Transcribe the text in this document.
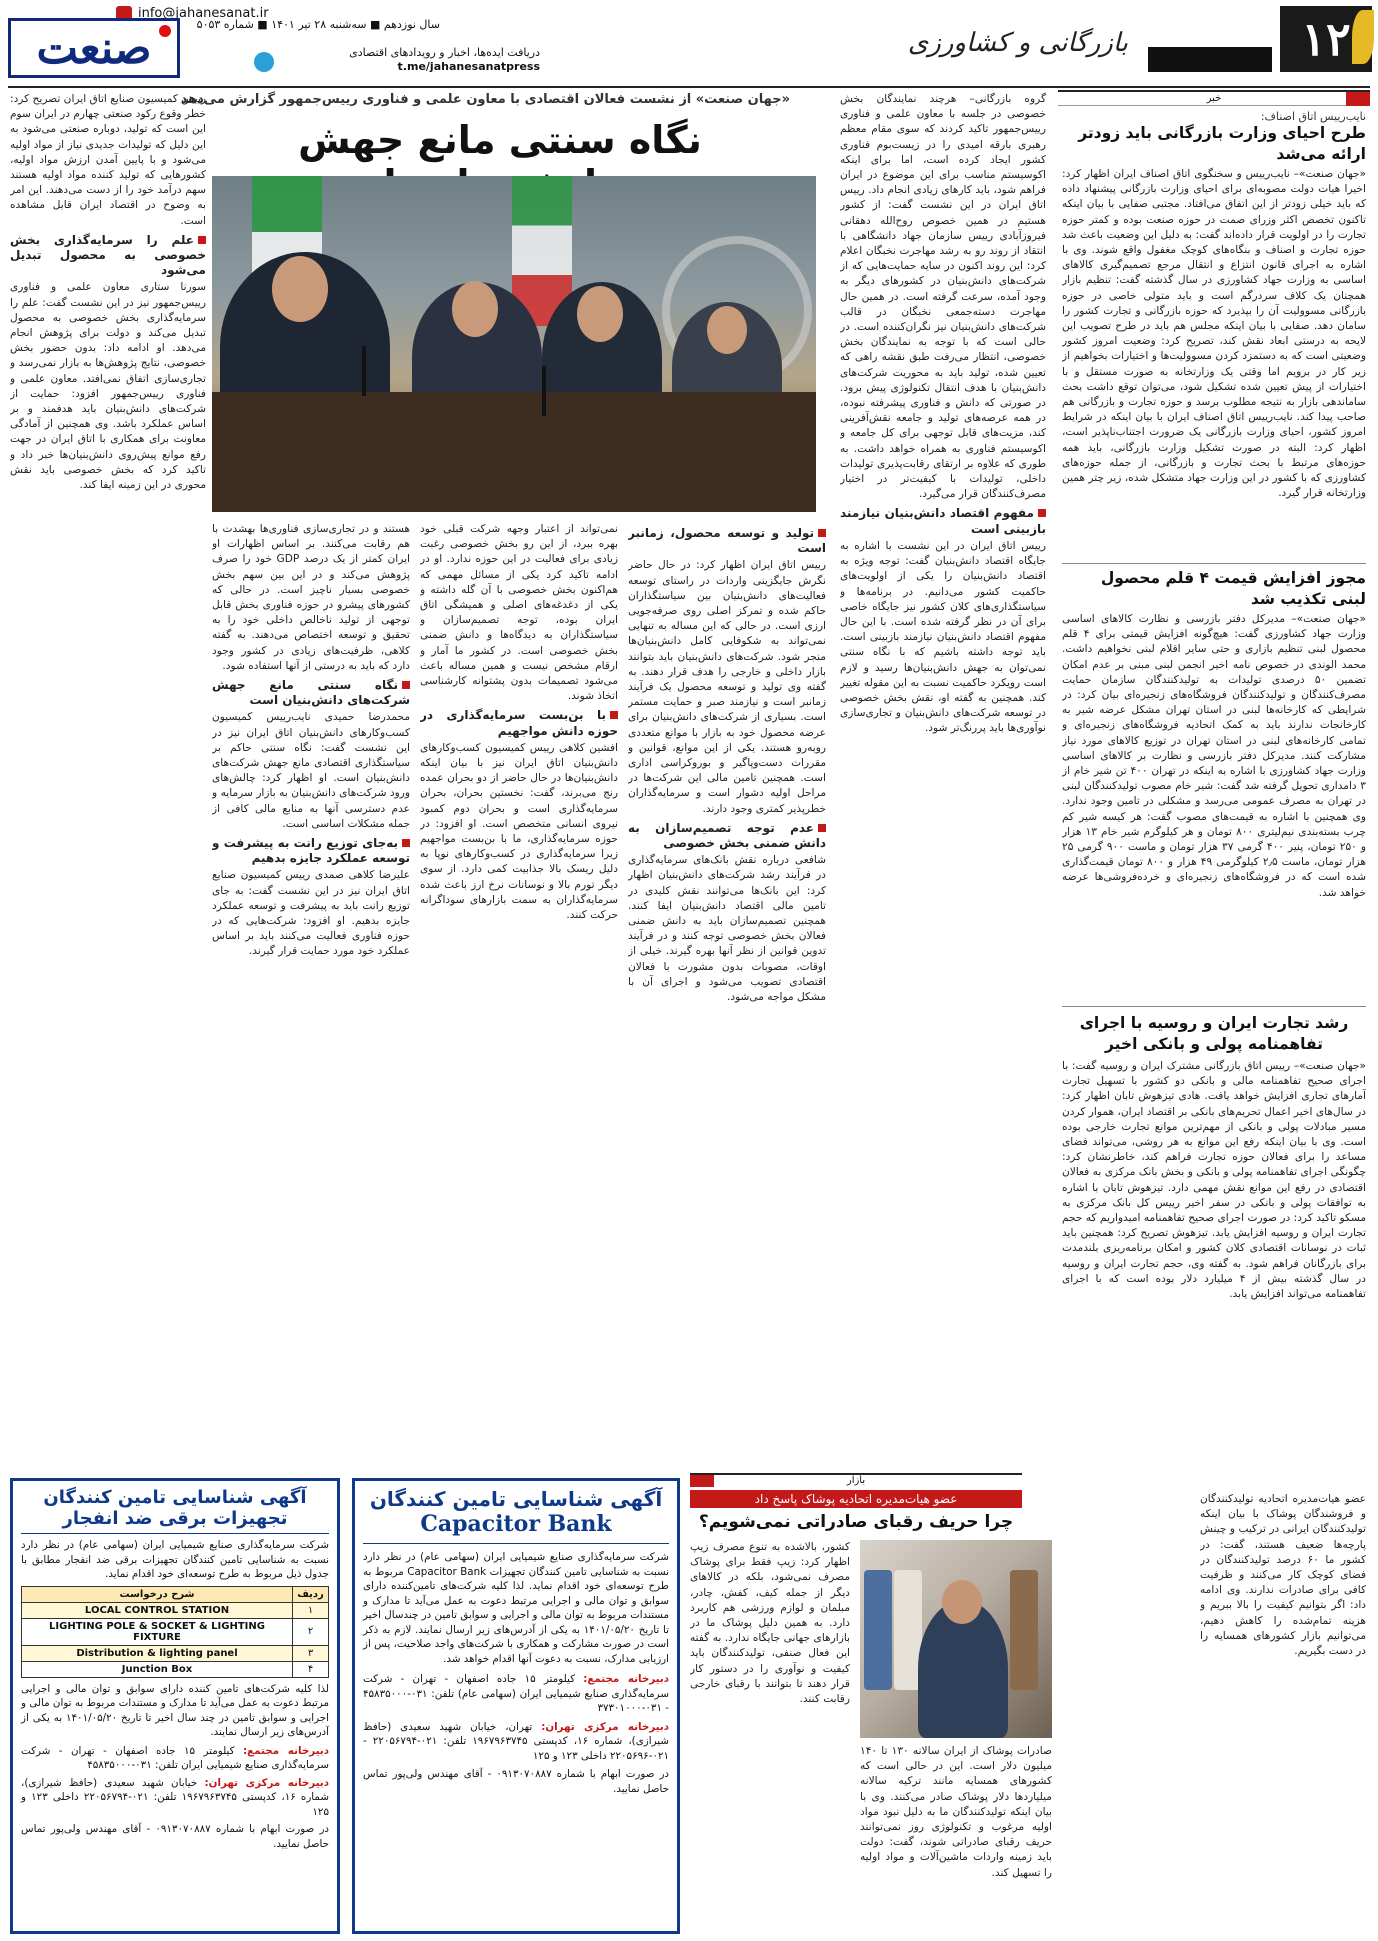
۱۲
بازرگانی و کشاورزی
info@jahanesanat.ir
دریافت ایده‌ها، اخبار و رویدادهای اقتصادی
t.me/jahanesanatpress
سال نوزدهم ■ سه‌شنبه ۲۸ تیر ۱۴۰۱ ■ شماره ۵۰۵۳
صنعت
خبر
نایب‌رییس اتاق اصناف:
طرح احیای وزارت بازرگانی باید زودتر ارائه می‌شد
«جهان صنعت»– نایب‌رییس و سخنگوی اتاق اصناف ایران اظهار کرد: اخیرا هیات دولت مصوبه‌ای برای احیای وزارت بازرگانی پیشنهاد داده که باید خیلی زودتر از این اتفاق می‌افتاد. مجتبی صفایی با بیان اینکه تاکنون تخصص اکثر وزرای صمت در حوزه صنعت بوده و کمتر حوزه تجارت را در اولویت قرار داده‌اند گفت: به دلیل این وضعیت باعث شد حوزه تجارت و اصناف و بنگاه‌های کوچک مغفول واقع شوند. وی با اشاره به اجرای قانون انتزاع و انتقال مرجع تصمیم‌گیری کالاهای اساسی به وزارت جهاد کشاورزی در سال گذشته گفت: تنظیم بازار همچنان یک کلاف سردرگم است و باید متولی خاصی در حوزه بازرگانی مسوولیت آن را بپذیرد که حوزه بازرگانی و تجارت کشور را سامان دهد. صفایی با بیان اینکه مجلس هم باید در طرح تصویب این لایحه به درستی ابعاد نقش کند، تصریح کرد: وضعیت امروز کشور وضعیتی است که به دستمزد کردن مسوولیت‌ها و اختیارات بخواهیم از زیر کار در برویم اما وقتی یک وزارتخانه به صورت مستقل و با اختیارات از پیش تعیین شده تشکیل شود، می‌توان توقع داشت بحث ساماندهی بازار به نتیجه مطلوب برسد و حوزه تجارت و بازرگانی هم صاحب پیدا کند. نایب‌رییس اتاق اصناف ایران با بیان اینکه در شرایط امروز کشور، احیای وزارت بازرگانی یک ضرورت اجتناب‌ناپذیر است، اظهار کرد: البته در صورت تشکیل وزارت بازرگانی، باید همه حوزه‌های مرتبط با بحث تجارت و بازرگانی، از جمله حوزه‌های کشاورزی که با کشور در این وزارت جهاد متشکل شده، زیر چتر همین وزارتخانه قرار گیرد.
مجوز افزایش قیمت ۴ قلم محصول لبنی تکذیب شد
«جهان صنعت»– مدیرکل دفتر بازرسی و نظارت کالاهای اساسی وزارت جهاد کشاورزی گفت: هیچ‌گونه افزایش قیمتی برای ۴ قلم محصول لبنی تنظیم بازاری و حتی سایر اقلام لبنی نخواهیم داشت. محمد الوندی در خصوص نامه اخیر انجمن لبنی مبنی بر عدم امکان تضمین ۵۰ درصدی تولیدات به تولیدکنندگان سازمان حمایت مصرف‌کنندگان و تولیدکنندگان فروشگاه‌های زنجیره‌ای بیان کرد: در شرایطی که کارخانه‌ها لبنی در استان تهران مشکل عرضه شیر به کارخانجات ندارند باید به کمک اتحادیه فروشگاه‌های زنجیره‌ای و تمامی کارخانه‌های لبنی در استان تهران در توزیع کالاهای مورد نیاز مشارکت کنند. مدیرکل دفتر بازرسی و نظارت بر کالاهای اساسی وزارت جهاد کشاورزی با اشاره به اینکه در تهران ۴۰۰ تن شیر خام از ۳ دامداری تحویل گرفته شد گفت: شیر خام مصوب تولیدکنندگان لبنی در تهران به مصرف عمومی می‌رسد و مشکلی در تامین وجود ندارد. وی همچنین با اشاره به قیمت‌های مصوب گفت: هر کیسه شیر کم چرب بسته‌بندی نیم‌لیتری ۸۰۰ تومان و هر کیلوگرم شیر خام ۱۳ هزار و ۲۵۰ تومان، پنیر ۴۰۰ گرمی ۳۷ هزار تومان و ماست ۹۰۰ گرمی ۲۵ هزار تومان، ماست ۲٫۵ کیلوگرمی ۴۹ هزار و ۸۰۰ تومان قیمت‌گذاری شده است که در فروشگاه‌های زنجیره‌ای و خرده‌فروشی‌ها عرضه خواهد شد.
رشد تجارت ایران و روسیه با اجرای تفاهمنامه پولی و بانکی اخیر
«جهان صنعت»– رییس اتاق بازرگانی مشترک ایران و روسیه گفت: با اجرای صحیح تفاهمنامه مالی و بانکی دو کشور با تسهیل تجارت آمارهای تجاری افزایش خواهد یافت. هادی تیزهوش تابان اظهار کرد: در سال‌های اخیر اعمال تحریم‌های بانکی بر اقتصاد ایران، هموار کردن مسیر مبادلات پولی و بانکی از مهم‌ترین موانع تجارت خارجی بوده است. وی با بیان اینکه رفع این موانع به هر روشی، می‌تواند فضای مساعد را برای فعالان حوزه تجارت فراهم کند، خاطرنشان کرد: چگونگی اجرای تفاهمنامه پولی و بانکی و بخش بانک مرکزی به فعالان اقتصادی در رفع این موانع نقش مهمی دارد. تیزهوش تابان با اشاره به توافقات پولی و بانکی در سفر اخیر رییس کل بانک مرکزی به مسکو تاکید کرد: در صورت اجرای صحیح تفاهمنامه امیدواریم که حجم تجارت ایران و روسیه افزایش یابد. تیزهوش تصریح کرد: همچنین باید ثبات در نوسانات اقتصادی کلان کشور و امکان برنامه‌ریزی بلندمدت برای بازرگانان فراهم شود. به گفته وی، حجم تجارت ایران و روسیه در سال گذشته بیش از ۴ میلیارد دلار بوده است که با اجرای تفاهمنامه می‌تواند افزایش یابد.
«جهان صنعت» از نشست فعالان اقتصادی با معاون علمی و فناوری رییس‌جمهور گزارش می‌دهد
نگاه سنتی مانع جهش

گروه بازرگانی– هرچند نمایندگان بخش خصوصی در جلسه با معاون علمی و فناوری رییس‌جمهور تاکید کردند که سوی مقام معظم رهبری بارقه امیدی را در زیست‌بوم فناوری کشور ایجاد کرده است، اما برای اینکه اکوسیستم مناسب برای این موضوع در ایران فراهم شود، باید کارهای زیادی انجام داد. رییس اتاق ایران در این نشست گفت: از کشور هستیم در همین خصوص روح‌الله دهقانی فیروزآبادی رییس سازمان جهاد دانشگاهی با انتقاد از روند رو به رشد مهاجرت نخبگان اعلام کرد: این روند اکنون در سایه حمایت‌هایی که از شرکت‌های دانش‌بنیان در کشورهای دیگر به وجود آمده، سرعت گرفته است. در همین حال مهاجرت دسته‌جمعی نخبگان در قالب شرکت‌های دانش‌بنیان نیز نگران‌کننده است. در حالی است که با توجه به نمایندگان بخش خصوصی، انتظار می‌رفت طبق نقشه راهی که تعیین شده، تولید باید به محوریت شرکت‌های دانش‌بنیان با هدف انتقال تکنولوژی پیش برود. در صورتی که دانش و فناوری پیشرفته نبوده، در همه عرصه‌های تولید و جامعه نقش‌آفرینی کند، مزیت‌های قابل توجهی برای کل جامعه و اکوسیستم فناوری به همراه خواهد داشت. به طوری که علاوه بر ارتقای رقابت‌پذیری تولیدات داخلی، تولیدات با کیفیت‌تر در اختیار مصرف‌کنندگان قرار می‌گیرد.

مفهوم اقتصاد دانش‌بنیان نیازمند بازبینی است

رییس اتاق ایران در این نشست با اشاره به جایگاه اقتصاد دانش‌بنیان گفت: توجه ویژه به اقتصاد دانش‌بنیان را یکی از اولویت‌های حاکمیت کشور می‌دانیم. در برنامه‌ها و سیاستگذاری‌های کلان کشور نیز جایگاه خاصی برای آن در نظر گرفته شده است. با این حال مفهوم اقتصاد دانش‌بنیان نیازمند بازبینی است. باید توجه داشته باشیم که با نگاه سنتی نمی‌توان به جهش دانش‌بنیان‌ها رسید و لازم است رویکرد حاکمیت نسبت به این مقوله تغییر کند. همچنین به گفته او، نقش بخش خصوصی در توسعه شرکت‌های دانش‌بنیان و تجاری‌سازی نوآوری‌ها باید پررنگ‌تر شود.

تولید و توسعه محصول، زمانبر است

رییس اتاق ایران اظهار کرد: در حال حاضر نگرش جایگزینی واردات در راستای توسعه فعالیت‌های دانش‌بنیان بین سیاستگذاران حاکم شده و تمرکز اصلی روی صرفه‌جویی ارزی است. در حالی که این مساله به تنهایی نمی‌تواند به شکوفایی کامل دانش‌بنیان‌ها منجر شود. شرکت‌های دانش‌بنیان باید بتوانند بازار داخلی و خارجی را هدف قرار دهند. به گفته وی تولید و توسعه محصول یک فرآیند زمانبر است و نیازمند صبر و حمایت مستمر است. بسیاری از شرکت‌های دانش‌بنیان برای عرضه محصول خود به بازار با موانع متعددی روبه‌رو هستند. یکی از این موانع، قوانین و مقررات دست‌وپاگیر و بوروکراسی اداری است. همچنین تامین مالی این شرکت‌ها در مراحل اولیه دشوار است و سرمایه‌گذاران خطرپذیر کمتری وجود دارند.

عدم توجه تصمیم‌سازان به دانش ضمنی بخش خصوصی

شافعی درباره نقش بانک‌های سرمایه‌گذاری در فرآیند رشد شرکت‌های دانش‌بنیان اظهار کرد: این بانک‌ها می‌توانند نقش کلیدی در تامین مالی اقتصاد دانش‌بنیان ایفا کنند. همچنین تصمیم‌سازان باید به دانش ضمنی فعالان بخش خصوصی توجه کنند و در فرآیند تدوین قوانین از نظر آنها بهره گیرند. خیلی از اوقات، مصوبات بدون مشورت با فعالان اقتصادی تصویب می‌شود و اجرای آن با مشکل مواجه می‌شود.

نمی‌تواند از اعتبار وجهه شرکت قبلی خود بهره ببرد، از این رو بخش خصوصی رغبت زیادی برای فعالیت در این حوزه ندارد. او در ادامه تاکید کرد یکی از مسائل مهمی که هم‌اکنون بخش خصوصی با آن گله داشته و یکی از دغدغه‌های اصلی و همیشگی اتاق ایران بوده، توجه تصمیم‌سازان و سیاستگذاران به دیدگاه‌ها و دانش ضمنی بخش خصوصی است. در کشور ما آمار و ارقام مشخص نیست و همین مساله باعث می‌شود تصمیمات بدون پشتوانه کارشناسی اتخاذ شوند.

با بن‌بست سرمایه‌گذاری در حوزه دانش مواجهیم

افشین کلاهی رییس کمیسیون کسب‌وکارهای دانش‌بنیان اتاق ایران نیز با بیان اینکه دانش‌بنیان‌ها در حال حاضر از دو بحران عمده رنج می‌برند، گفت: نخستین بحران، بحران سرمایه‌گذاری است و بحران دوم کمبود نیروی انسانی متخصص است. او افزود: در حوزه سرمایه‌گذاری، ما با بن‌بست مواجهیم زیرا سرمایه‌گذاری در کسب‌وکارهای نوپا به دلیل ریسک بالا جذابیت کمی دارد. از سوی دیگر تورم بالا و نوسانات نرخ ارز باعث شده سرمایه‌گذاران به سمت بازارهای سوداگرانه حرکت کنند.

هستند و در تجاری‌سازی فناوری‌ها بهشدت با هم رقابت می‌کنند. بر اساس اظهارات او ایران کمتر از یک درصد GDP خود را صرف پژوهش می‌کند و در این بین سهم بخش خصوصی بسیار ناچیز است. در حالی که کشورهای پیشرو در حوزه فناوری بخش قابل توجهی از تولید ناخالص داخلی خود را به تحقیق و توسعه اختصاص می‌دهند. به گفته کلاهی، ظرفیت‌های زیادی در کشور وجود دارد که باید به درستی از آنها استفاده شود.

نگاه سنتی مانع جهش شرکت‌های دانش‌بنیان است

محمدرضا حمیدی نایب‌رییس کمیسیون کسب‌وکارهای دانش‌بنیان اتاق ایران نیز در این نشست گفت: نگاه سنتی حاکم بر سیاستگذاری اقتصادی مانع جهش شرکت‌های دانش‌بنیان است. او اظهار کرد: چالش‌های ورود شرکت‌های دانش‌بنیان به بازار سرمایه و عدم دسترسی آنها به منابع مالی کافی از جمله مشکلات اساسی است.

به‌جای توزیع رانت به پیشرفت و توسعه عملکرد جایزه بدهیم

علیرضا کلاهی صمدی رییس کمیسیون صنایع اتاق ایران نیز در این نشست گفت: به جای توزیع رانت باید به پیشرفت و توسعه عملکرد جایزه بدهیم. او افزود: شرکت‌هایی که در حوزه فناوری فعالیت می‌کنند باید بر اساس عملکرد خود مورد حمایت قرار گیرند.

رییس کمیسیون صنایع اتاق ایران تصریح کرد: خطر وقوع رکود صنعتی چهارم در ایران سوم این است که تولید، دوباره صنعتی می‌شود به این دلیل که تولیدات جدیدی نیاز از مواد اولیه می‌شود و با پایین آمدن ارزش مواد اولیه، کشورهایی که تولید کننده مواد اولیه هستند سهم درآمد خود را از دست می‌دهند. این امر به وضوح در اقتصاد ایران قابل مشاهده است.

علم را سرمایه‌گذاری بخش خصوصی به محصول تبدیل می‌شود

سورنا ستاری معاون علمی و فناوری رییس‌جمهور نیز در این نشست گفت: علم را سرمایه‌گذاری بخش خصوصی به محصول تبدیل می‌کند و دولت برای پژوهش انجام می‌دهد. او ادامه داد: بدون حضور بخش خصوصی، نتایج پژوهش‌ها به بازار نمی‌رسد و تجاری‌سازی اتفاق نمی‌افتد. معاون علمی و فناوری رییس‌جمهور افزود: حمایت از شرکت‌های دانش‌بنیان باید هدفمند و بر اساس عملکرد باشد. وی همچنین از آمادگی معاونت برای همکاری با اتاق ایران در جهت رفع موانع پیش‌روی دانش‌بنیان‌ها خبر داد و تاکید کرد که بخش خصوصی باید نقش محوری در این زمینه ایفا کند.

بازار
عضو هیات‌مدیره اتحادیه پوشاک پاسخ داد
چرا حریف رقبای صادراتی نمی‌شویم؟
عضو هیات‌مدیره اتحادیه تولیدکنندگان و فروشندگان پوشاک با بیان اینکه تولیدکنندگان ایرانی در ترکیب و چینش پارچه‌ها ضعیف هستند، گفت: در کشور ما ۶۰ درصد تولیدکنندگان در فضای کوچک کار می‌کنند و ظرفیت کافی برای صادرات ندارند. وی ادامه داد: اگر بتوانیم کیفیت را بالا ببریم و هزینه تمام‌شده را کاهش دهیم، می‌توانیم بازار کشورهای همسایه را در دست بگیریم.
کشور، بالاشده به تنوع مصرف زیپ اظهار کرد: زیپ فقط برای پوشاک مصرف نمی‌شود، بلکه در کالاهای دیگر از جمله کیف، کفش، چادر، مبلمان و لوازم ورزشی هم کاربرد دارد. به همین دلیل پوشاک ما در بازارهای جهانی جایگاه ندارد. به گفته این فعال صنفی، تولیدکنندگان باید کیفیت و نوآوری را در دستور کار قرار دهند تا بتوانند با رقبای خارجی رقابت کنند.
صادرات پوشاک از ایران سالانه ۱۳۰ تا ۱۴۰ میلیون دلار است. این در حالی است که کشورهای همسایه مانند ترکیه سالانه میلیاردها دلار پوشاک صادر می‌کنند. وی با بیان اینکه تولیدکنندگان ما به دلیل نبود مواد اولیه مرغوب و تکنولوژی روز نمی‌توانند حریف رقبای صادراتی شوند، گفت: دولت باید زمینه واردات ماشین‌آلات و مواد اولیه را تسهیل کند.
آگهی شناسایی تامین کنندگان
Capacitor Bank
شرکت سرمایه‌گذاری صنایع شیمیایی ایران (سهامی عام) در نظر دارد نسبت به شناسایی تامین کنندگان تجهیزات Capacitor Bank مربوط به طرح توسعه‌ای خود اقدام نماید. لذا کلیه شرکت‌های تامین‌کننده دارای سوابق و توان مالی و اجرایی مرتبط دعوت به عمل می‌آید تا مدارک و مستندات مربوط به توان مالی و اجرایی و سوابق تامین در چندسال اخیر تا تاریخ ۱۴۰۱/۰۵/۲۰ به یکی از آدرس‌های زیر ارسال نمایند. لازم به ذکر است در صورت مشارکت و همکاری با شرکت‌های واجد صلاحیت، پس از ارزیابی مدارک، نسبت به دعوت آنها اقدام خواهد شد.
دبیرخانه مجتمع: کیلومتر ۱۵ جاده اصفهان - تهران - شرکت سرمایه‌گذاری صنایع شیمیایی ایران (سهامی عام) تلفن: ۰۳۱-۴۵۸۳۵۰۰۰ - ۰۳۱-۳۷۳۰۱۰۰۰
دبیرخانه مرکزی تهران: تهران، خیابان شهید سعیدی (حافظ شیرازی)، شماره ۱۶، کدپستی ۱۹۶۷۹۶۳۷۴۵ تلفن: ۰۲۱-۲۲۰۵۶۷۹۴ - ۰۲۱-۲۲۰۵۶۹۶ داخلی ۱۲۳ و ۱۲۵
در صورت ابهام با شماره ۰۹۱۳۰۷۰۸۸۷ - آقای مهندس ولی‌پور تماس حاصل نمایید.
آگهی شناسایی تامین کنندگان
تجهیزات برقی ضد انفجار
شرکت سرمایه‌گذاری صنایع شیمیایی ایران (سهامی عام) در نظر دارد نسبت به شناسایی تامین کنندگان تجهیزات برقی ضد انفجار مطابق با جدول ذیل مربوط به طرح توسعه‌ای خود اقدام نماید.
ردیف	شرح درخواست
۱	LOCAL CONTROL STATION
۲	LIGHTING POLE & SOCKET & LIGHTING FIXTURE
۳	Distribution & lighting panel
۴	Junction Box
لذا کلیه شرکت‌های تامین کننده دارای سوابق و توان مالی و اجرایی مرتبط دعوت به عمل می‌آید تا مدارک و مستندات مربوط به توان مالی و اجرایی و سوابق تامین در چند سال اخیر تا تاریخ ۱۴۰۱/۰۵/۲۰ به یکی از آدرس‌های زیر ارسال نمایند.
دبیرخانه مجتمع: کیلومتر ۱۵ جاده اصفهان - تهران - شرکت سرمایه‌گذاری صنایع شیمیایی ایران تلفن: ۰۳۱-۴۵۸۳۵۰۰۰
دبیرخانه مرکزی تهران: خیابان شهید سعیدی (حافظ شیرازی)، شماره ۱۶، کدپستی ۱۹۶۷۹۶۳۷۴۵ تلفن: ۰۲۱-۲۲۰۵۶۷۹۴ داخلی ۱۲۳ و ۱۲۵
در صورت ابهام با شماره ۰۹۱۳۰۷۰۸۸۷ - آقای مهندس ولی‌پور تماس حاصل نمایید.
